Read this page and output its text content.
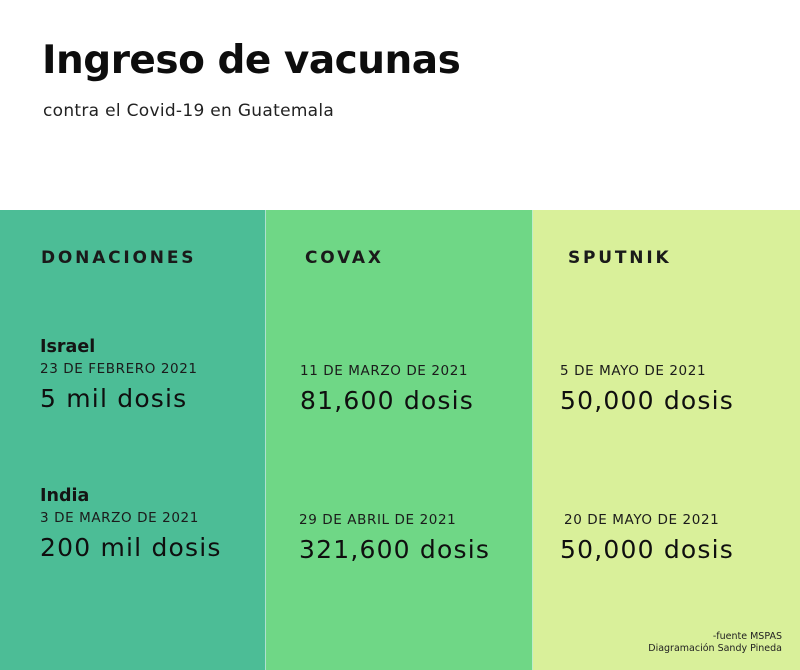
Ingreso de vacunas

contra el Covid-19 en Guatemala

DONACIONES
Israel
23 DE FEBRERO 2021
5 mil dosis
India
3 DE MARZO DE 2021
200 mil dosis
COVAX
11 DE MARZO DE 2021
81,600 dosis
29 DE ABRIL DE 2021
321,600 dosis
SPUTNIK
5 DE MAYO DE 2021
50,000 dosis
20 DE MAYO DE 2021
50,000 dosis
-fuente MSPAS
Diagramación Sandy Pineda
